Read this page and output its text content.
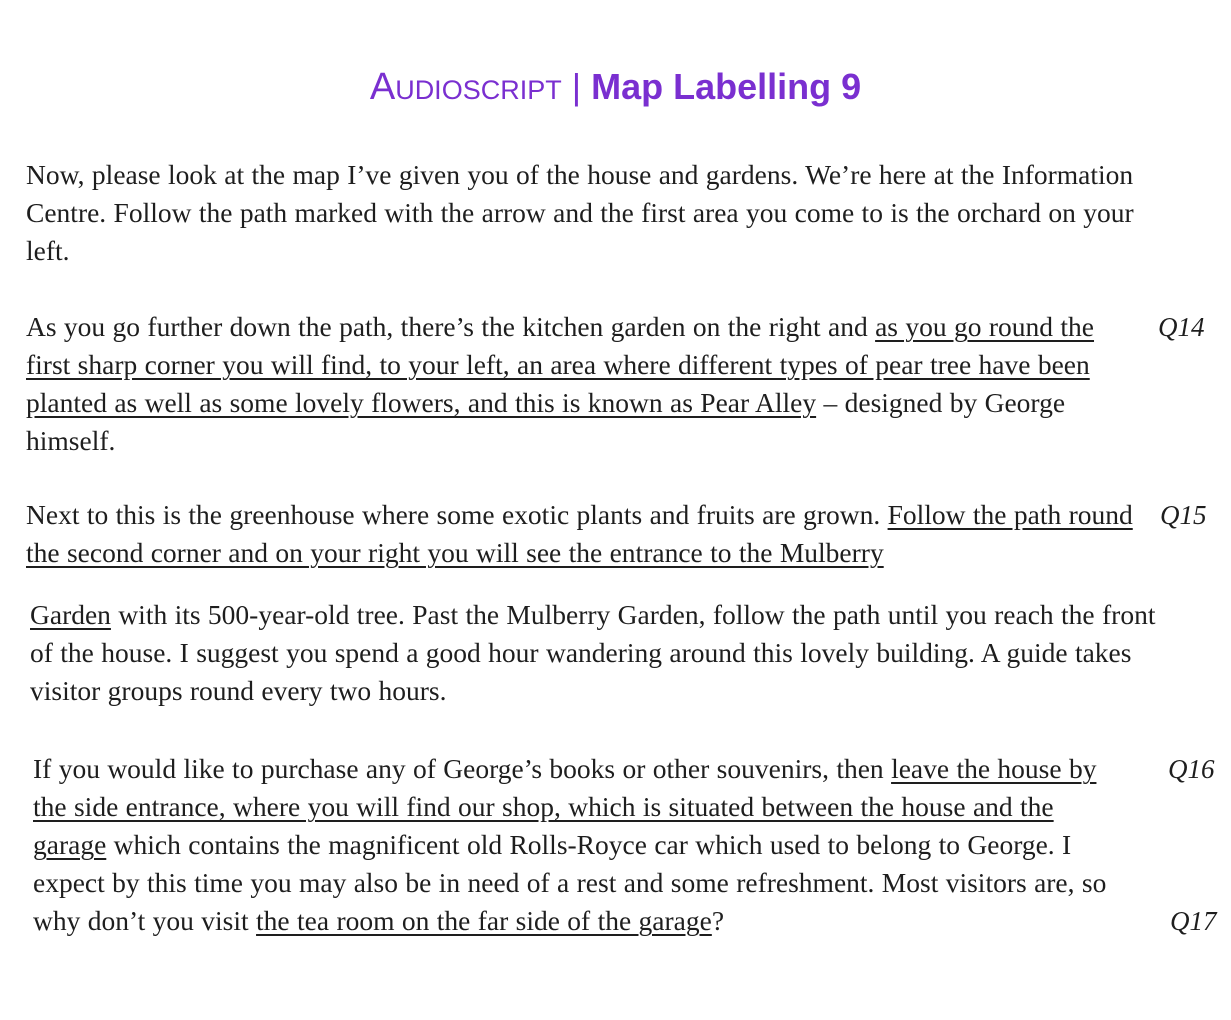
Audioscript | Map Labelling 9
Now, please look at the map I’ve given you of the house and gardens. We’re here at the Information Centre. Follow the path marked with the arrow and the first area you come to is the orchard on your left.
As you go further down the path, there’s the kitchen garden on the right and as you go round the first sharp corner you will find, to your left, an area where different types of pear tree have been planted as well as some lovely flowers, and this is known as Pear Alley – designed by George himself.
Q14
Next to this is the greenhouse where some exotic plants and fruits are grown. Follow the path round the second corner and on your right you will see the entrance to the Mulberry
Q15
Garden with its 500-year-old tree. Past the Mulberry Garden, follow the path until you reach the front of the house. I suggest you spend a good hour wandering around this lovely building. A guide takes visitor groups round every two hours.
If you would like to purchase any of George’s books or other souvenirs, then leave the house by the side entrance, where you will find our shop, which is situated between the house and the garage which contains the magnificent old Rolls-Royce car which used to belong to George. I expect by this time you may also be in need of a rest and some refreshment. Most visitors are, so why don’t you visit the tea room on the far side of the garage?
Q16
Q17
